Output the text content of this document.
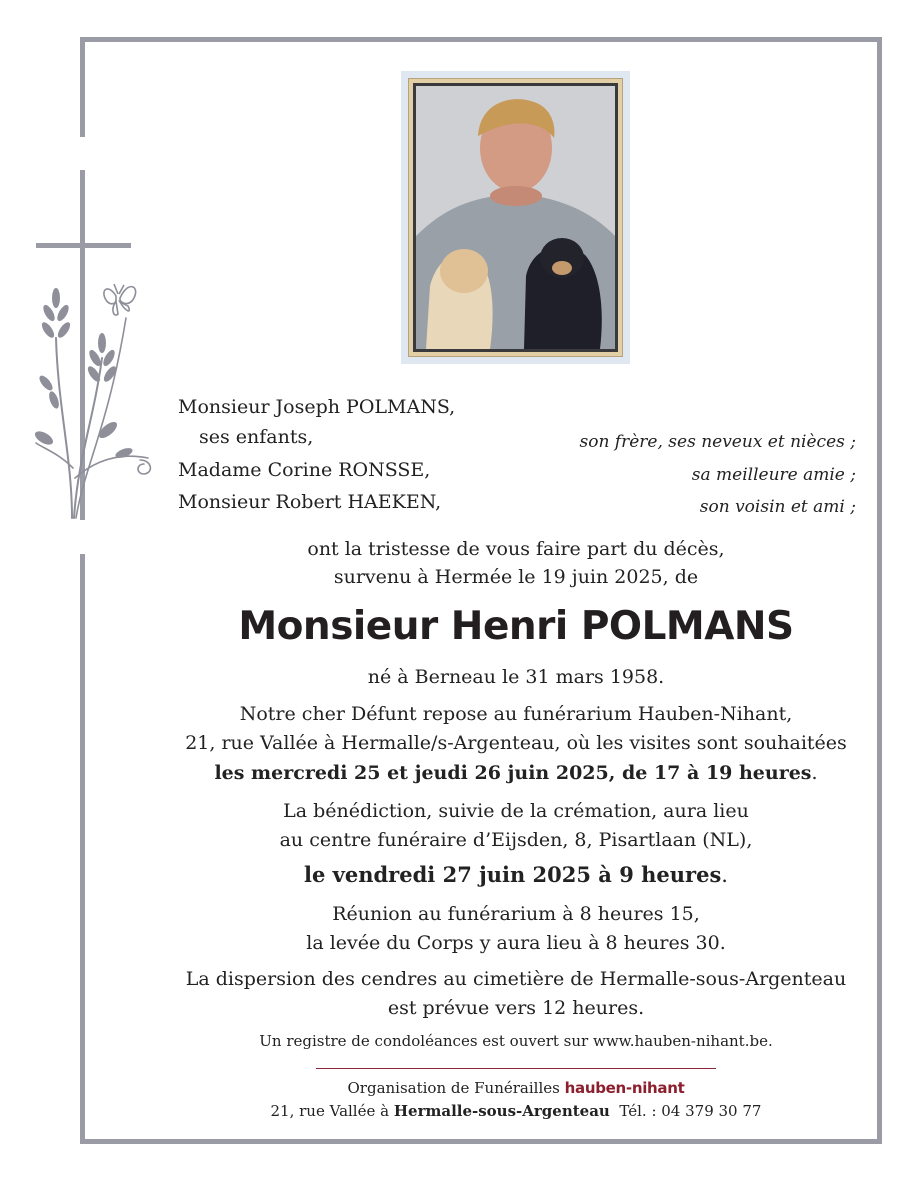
Monsieur Joseph POLMANS,
ses enfants,
Madame Corine RONSSE,
Monsieur Robert HAEKEN,
son frère, ses neveux et nièces ;
sa meilleure amie ;
son voisin et ami ;
ont la tristesse de vous faire part du décès,
survenu à Hermée le 19 juin 2025, de
Monsieur Henri POLMANS
né à Berneau le 31 mars 1958.
Notre cher Défunt repose au funérarium Hauben-Nihant,
21, rue Vallée à Hermalle/s-Argenteau, où les visites sont souhaitées
les mercredi 25 et jeudi 26 juin 2025, de 17 à 19 heures.
La bénédiction, suivie de la crémation, aura lieu
au centre funéraire d’Eijsden, 8, Pisartlaan (NL),
le vendredi 27 juin 2025 à 9 heures.
Réunion au funérarium à 8 heures 15,
la levée du Corps y aura lieu à 8 heures 30.
La dispersion des cendres au cimetière de Hermalle-sous-Argenteau
est prévue vers 12 heures.
Un registre de condoléances est ouvert sur www.hauben-nihant.be.
Organisation de Funérailles hauben-nihant
21, rue Vallée à Hermalle-sous-Argenteau Tél. : 04 379 30 77
